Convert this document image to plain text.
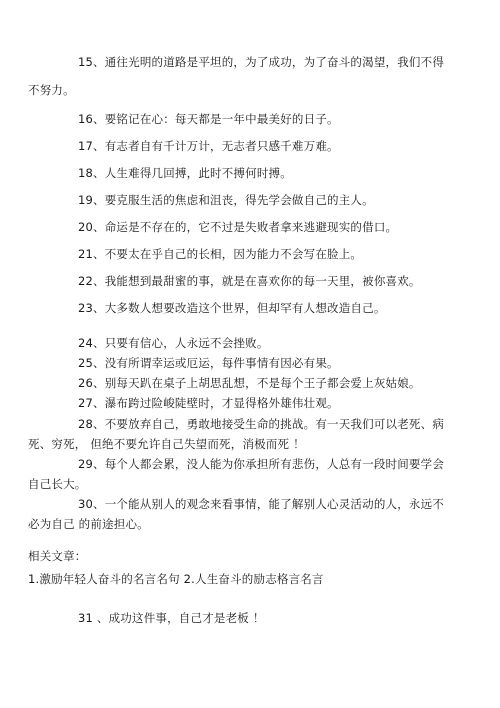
15、通往光明的道路是平坦的，为了成功，为了奋斗的渴望，我们不得
不努力。
16、要铭记在心：每天都是一年中最美好的日子。
17、有志者自有千计万计，无志者只感千难万难。
18、人生难得几回搏，此时不搏何时搏。
19、要克服生活的焦虑和沮丧，得先学会做自己的主人。
20、命运是不存在的，它不过是失败者拿来逃避现实的借口。
21、不要太在乎自己的长相，因为能力不会写在脸上。
22、我能想到最甜蜜的事，就是在喜欢你的每一天里，被你喜欢。
23、大多数人想要改造这个世界，但却罕有人想改造自己。
24、只要有信心，人永远不会挫败。
25、没有所谓幸运或厄运，每件事情有因必有果。
26、别每天趴在桌子上胡思乱想，不是每个王子都会爱上灰姑娘。
27、瀑布跨过险峻陡壁时，才显得格外雄伟壮观。
28、不要放弃自己，勇敢地接受生命的挑战。有一天我们可以老死、病
死、穷死， 但绝不要允许自己失望而死，消极而死 ！
29、每个人都会累，没人能为你承担所有悲伤，人总有一段时间要学会
自己长大。
30、一个能从别人的观念来看事情，能了解别人心灵活动的人，永远不
必为自己 的前途担心。
相关文章：
1.激励年轻人奋斗的名言名句 2.人生奋斗的励志格言名言
31 、成功这件事，自己才是老板 ！
